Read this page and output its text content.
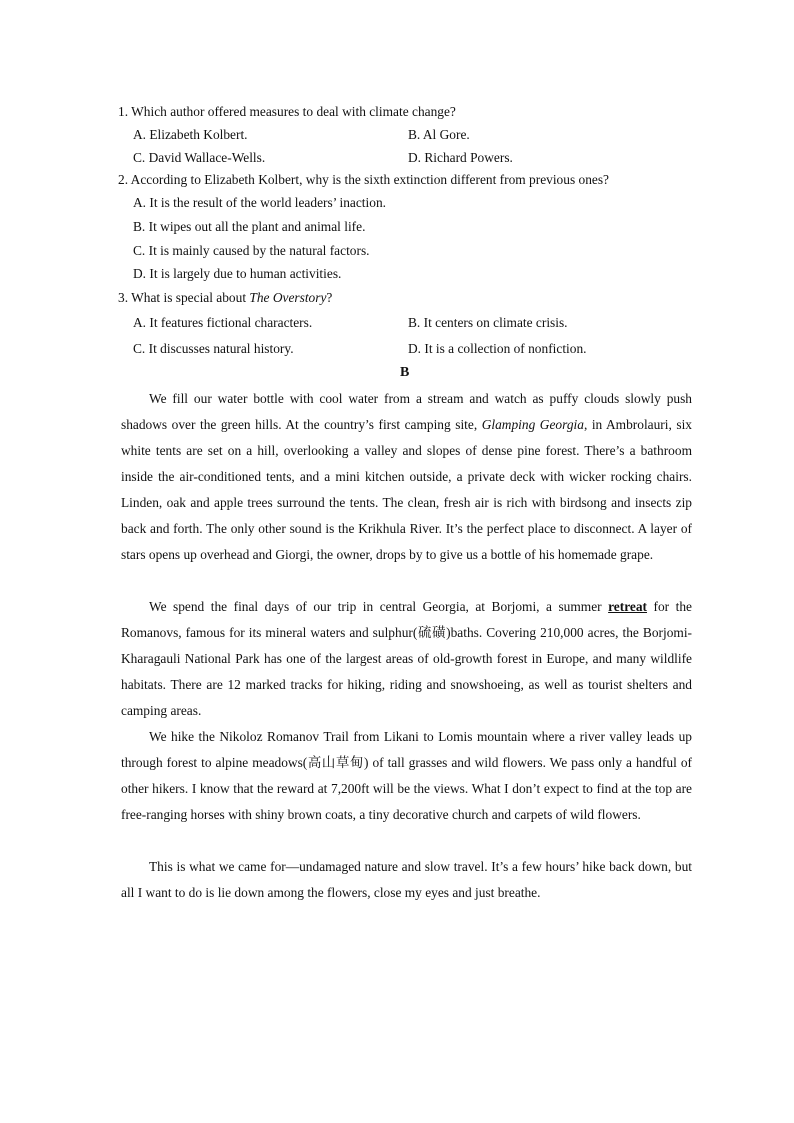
1. Which author offered measures to deal with climate change?
A. Elizabeth Kolbert.	B. Al Gore.
C. David Wallace-Wells.	D. Richard Powers.
2. According to Elizabeth Kolbert, why is the sixth extinction different from previous ones?
A. It is the result of the world leaders’ inaction.
B. It wipes out all the plant and animal life.
C. It is mainly caused by the natural factors.
D. It is largely due to human activities.
3. What is special about The Overstory?
A. It features fictional characters.	B. It centers on climate crisis.
C. It discusses natural history.	D. It is a collection of nonfiction.
B

We fill our water bottle with cool water from a stream and watch as puffy clouds slowly push shadows over the green hills. At the country’s first camping site, Glamping Georgia, in Ambrolauri, six white tents are set on a hill, overlooking a valley and slopes of dense pine forest. There’s a bathroom inside the air-conditioned tents, and a mini kitchen outside, a private deck with wicker rocking chairs. Linden, oak and apple trees surround the tents. The clean, fresh air is rich with birdsong and insects zip back and forth. The only other sound is the Krikhula River. It’s the perfect place to disconnect. A layer of stars opens up overhead and Giorgi, the owner, drops by to give us a bottle of his homemade grape.

We spend the final days of our trip in central Georgia, at Borjomi, a summer retreat for the Romanovs, famous for its mineral waters and sulphur(硫磺)baths. Covering 210,000 acres, the Borjomi-Kharagauli National Park has one of the largest areas of old-growth forest in Europe, and many wildlife habitats. There are 12 marked tracks for hiking, riding and snowshoeing, as well as tourist shelters and camping areas.

We hike the Nikoloz Romanov Trail from Likani to Lomis mountain where a river valley leads up through forest to alpine meadows(高山草甸) of tall grasses and wild flowers. We pass only a handful of other hikers. I know that the reward at 7,200ft will be the views. What I don’t expect to find at the top are free-ranging horses with shiny brown coats, a tiny decorative church and carpets of wild flowers.

This is what we came for—undamaged nature and slow travel. It’s a few hours’ hike back down, but all I want to do is lie down among the flowers, close my eyes and just breathe.
